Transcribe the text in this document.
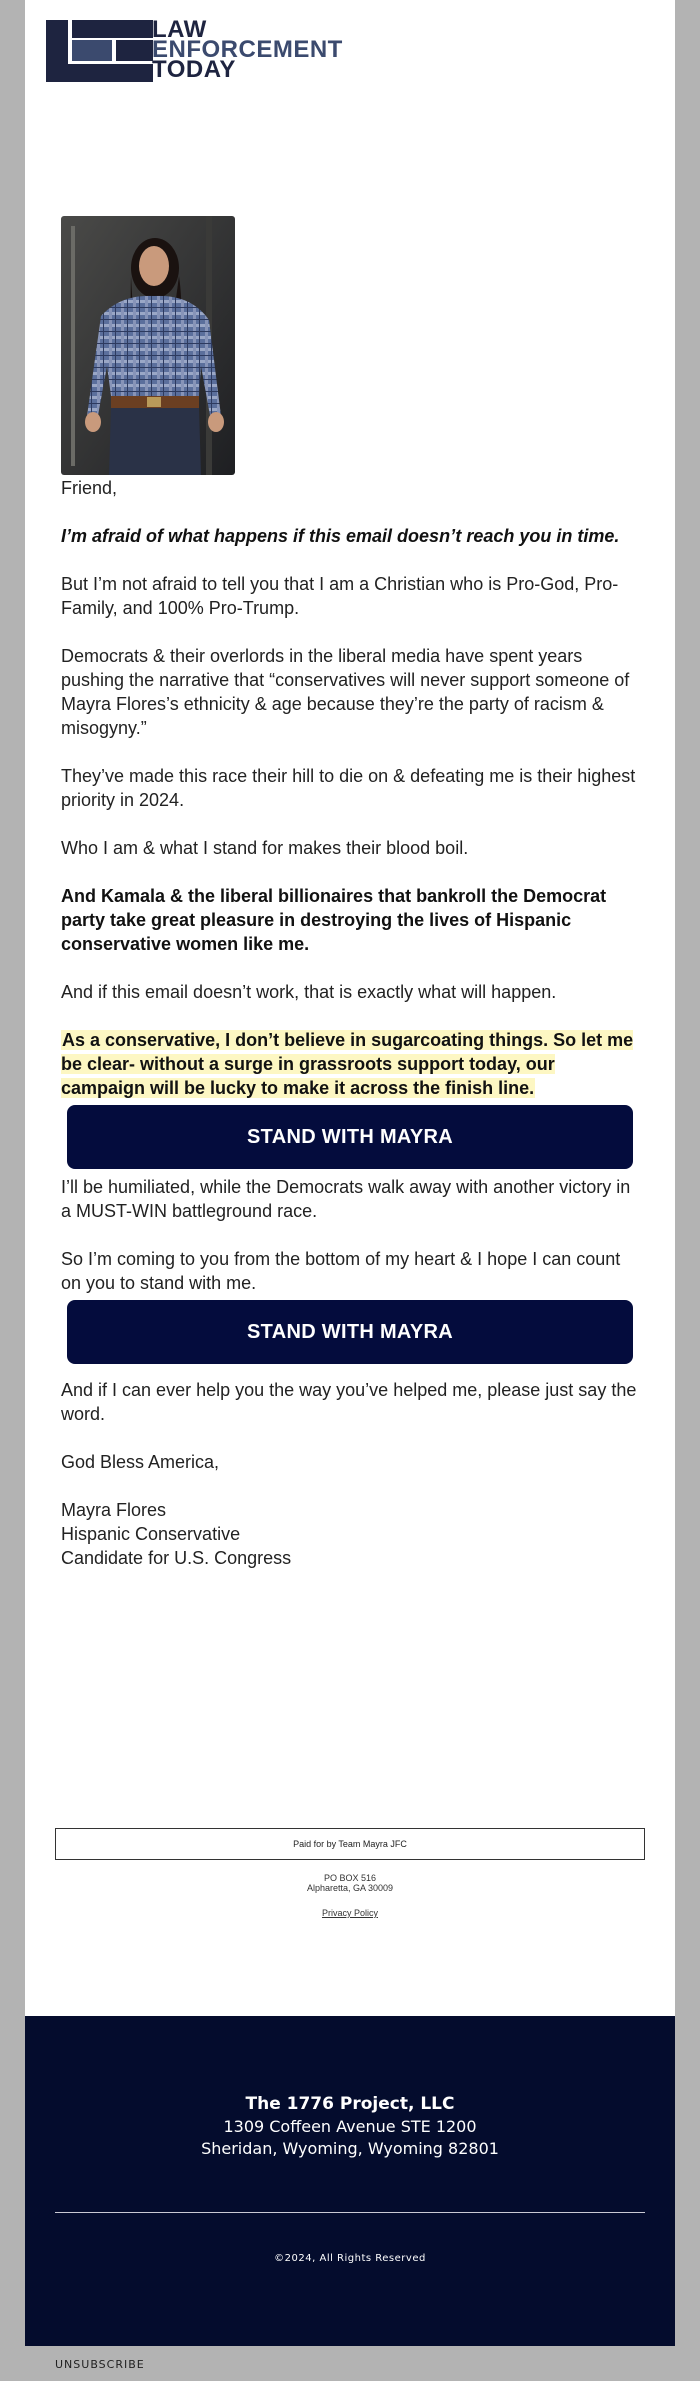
LAW
ENFORCEMENT
TODAY

Friend,

I’m afraid of what happens if this email doesn’t reach you in time.

But I’m not afraid to tell you that I am a Christian who is Pro-God, Pro-Family, and 100% Pro-Trump.

Democrats & their overlords in the liberal media have spent years pushing the narrative that “conservatives will never support someone of Mayra Flores’s ethnicity & age because they’re the party of racism & misogyny.”

They’ve made this race their hill to die on & defeating me is their highest priority in 2024.

Who I am & what I stand for makes their blood boil.

And Kamala & the liberal billionaires that bankroll the Democrat party take great pleasure in destroying the lives of Hispanic conservative women like me.

And if this email doesn’t work, that is exactly what will happen.

As a conservative, I don’t believe in sugarcoating things. So let me be clear- without a surge in grassroots support today, our campaign will be lucky to make it across the finish line.

STAND WITH MAYRA

I’ll be humiliated, while the Democrats walk away with another victory in a MUST-WIN battleground race.

So I’m coming to you from the bottom of my heart & I hope I can count on you to stand with me.

STAND WITH MAYRA

And if I can ever help you the way you’ve helped me, please just say the word.

God Bless America,

Mayra Flores

Hispanic Conservative

Candidate for U.S. Congress

Paid for by Team Mayra JFC
PO BOX 516
Alpharetta, GA 30009
Privacy Policy
The 1776 Project, LLC
1309 Coffeen Avenue STE 1200
Sheridan, Wyoming, Wyoming 82801
©2024, All Rights Reserved
UNSUBSCRIBE
